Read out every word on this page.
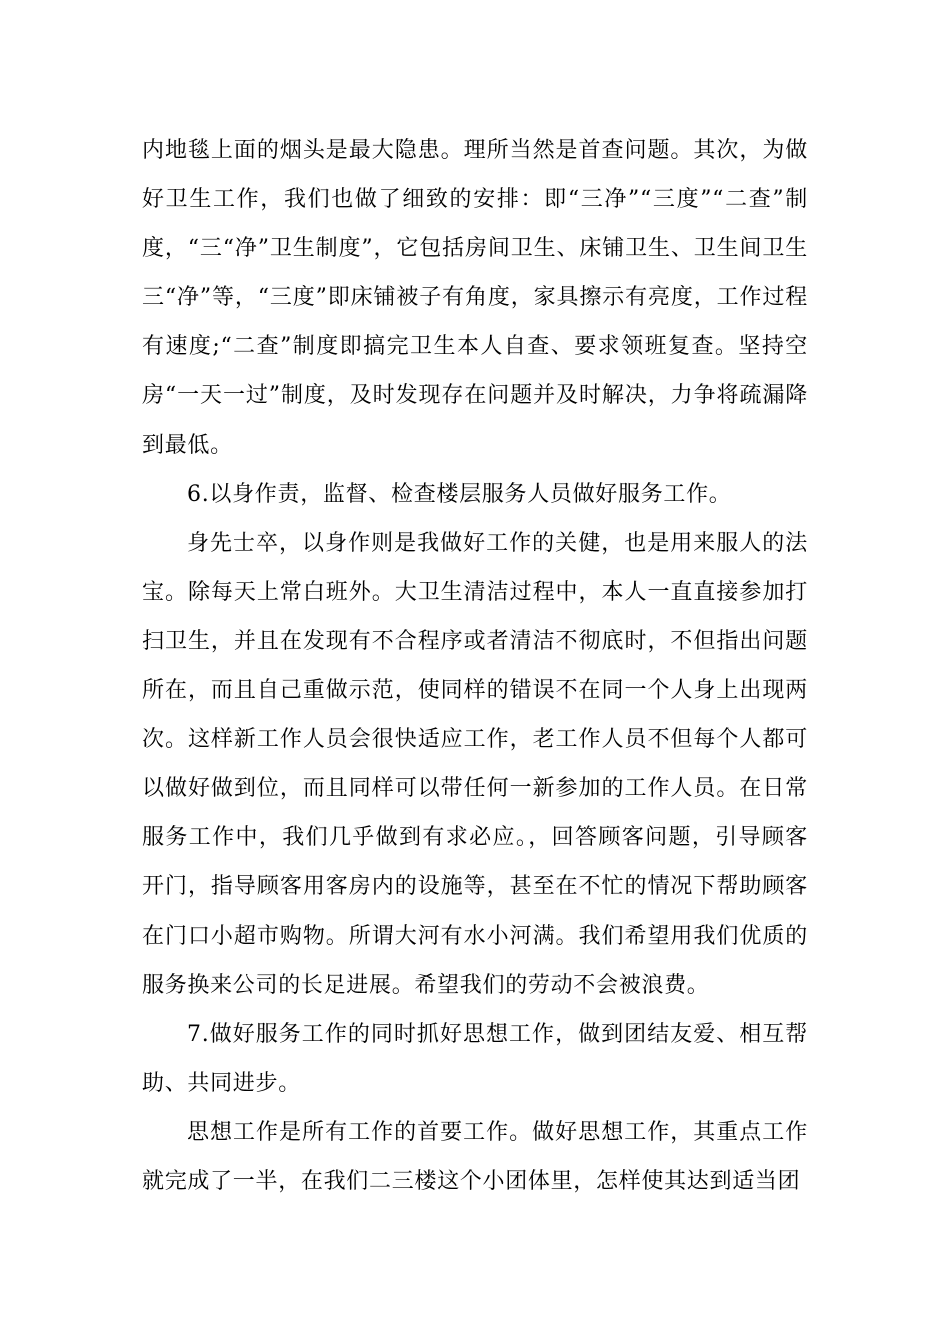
内地毯上面的烟头是最大隐患。理所当然是首查问题。其次，为做好卫生工作，我们也做了细致的安排：即“三净”“三度”“二查”制度，“三“净”卫生制度”，它包括房间卫生、床铺卫生、卫生间卫生三“净”等，“三度”即床铺被子有角度，家具擦示有亮度，工作过程有速度;“二查”制度即搞完卫生本人自查、要求领班复查。坚持空房“一天一过”制度，及时发现存在问题并及时解决，力争将疏漏降到最低。

6.以身作责，监督、检查楼层服务人员做好服务工作。

身先士卒，以身作则是我做好工作的关健，也是用来服人的法宝。除每天上常白班外。大卫生清洁过程中，本人一直直接参加打扫卫生，并且在发现有不合程序或者清洁不彻底时，不但指出问题所在，而且自己重做示范，使同样的错误不在同一个人身上出现两次。这样新工作人员会很快适应工作，老工作人员不但每个人都可以做好做到位，而且同样可以带任何一新参加的工作人员。在日常服务工作中，我们几乎做到有求必应。，回答顾客问题，引导顾客开门，指导顾客用客房内的设施等，甚至在不忙的情况下帮助顾客在门口小超市购物。所谓大河有水小河满。我们希望用我们优质的服务换来公司的长足进展。希望我们的劳动不会被浪费。

7.做好服务工作的同时抓好思想工作，做到团结友爱、相互帮助、共同进步。

思想工作是所有工作的首要工作。做好思想工作，其重点工作就完成了一半，在我们二三楼这个小团体里，怎样使其达到适当团
